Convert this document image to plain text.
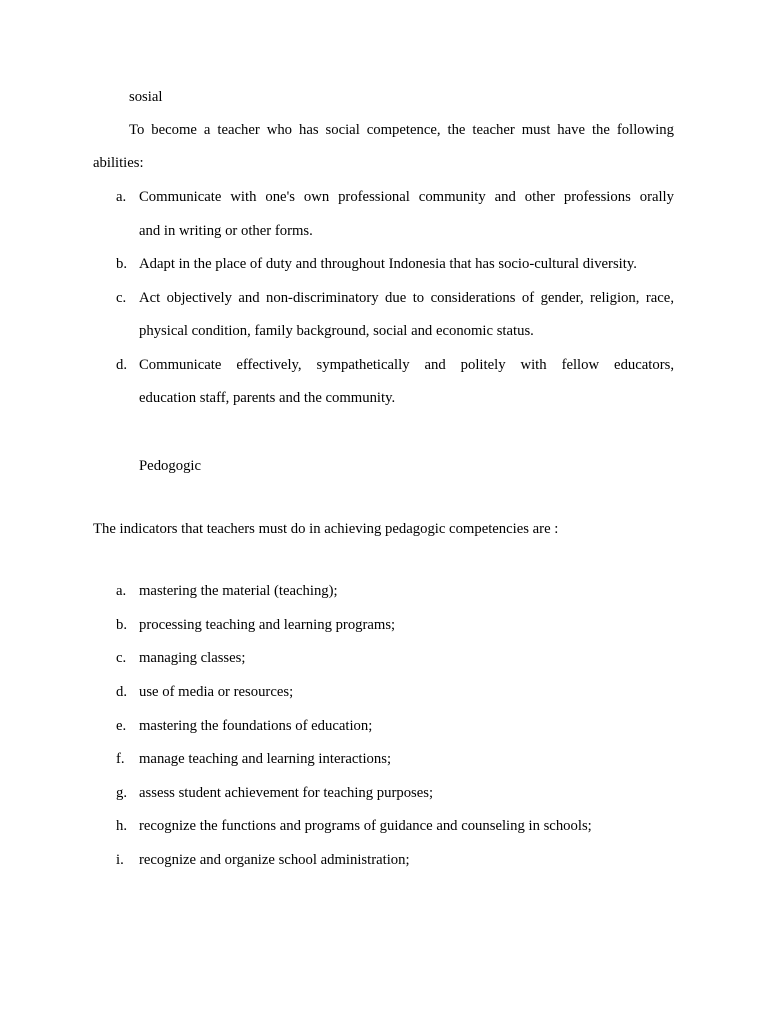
sosial
To become a teacher who has social competence, the teacher must have the following
abilities:
a. Communicate with one's own professional community and other professions orally
and in writing or other forms.
b. Adapt in the place of duty and throughout Indonesia that has socio-cultural diversity.
c. Act objectively and non-discriminatory due to considerations of gender, religion, race,
physical condition, family background, social and economic status.
d. Communicate effectively, sympathetically and politely with fellow educators,
education staff, parents and the community.
Pedogogic
The indicators that teachers must do in achieving pedagogic competencies are :
a. mastering the material (teaching);
b. processing teaching and learning programs;
c. managing classes;
d. use of media or resources;
e. mastering the foundations of education;
f. manage teaching and learning interactions;
g. assess student achievement for teaching purposes;
h. recognize the functions and programs of guidance and counseling in schools;
i. recognize and organize school administration;
